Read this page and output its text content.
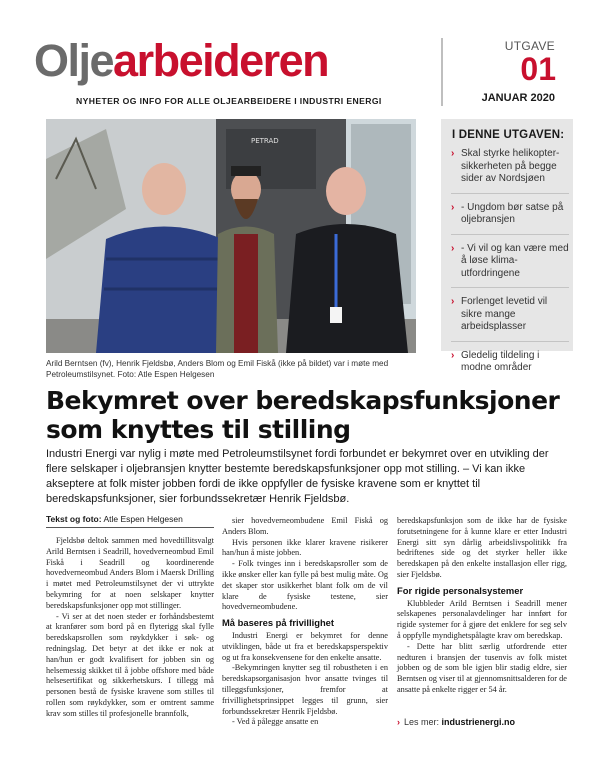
Oljearbeideren
NYHETER OG INFO FOR ALLE OLJEARBEIDERE I INDUSTRI ENERGI
UTGAVE
01
JANUAR 2020
PETRAD
Arild Berntsen (fv), Henrik Fjeldsbø, Anders Blom og Emil Fiskå (ikke på bildet) var i møte med Petroleumstilsynet. Foto: Atle Espen Helgesen
I DENNE UTGAVEN:
› Skal styrke helikoptersikkerheten på begge sider av Nordsjøen
› - Ungdom bør satse på oljebransjen
› - Vi vil og kan være med å løse klimautfordringene
› Forlenget levetid vil sikre mange arbeidsplasser
› Gledelig tildeling i modne områder
Bekymret over beredskapsfunksjoner som knyttes til stilling
Industri Energi var nylig i møte med Petroleumstilsynet fordi forbundet er bekymret over en utvikling der flere selskaper i oljebransjen knytter bestemte beredskapsfunksjoner opp mot stilling. – Vi kan ikke akseptere at folk mister jobben fordi de ikke oppfyller de fysiske kravene som er knyttet til beredskapsfunksjoner, sier forbundssekretær Henrik Fjeldsbø.
Tekst og foto: Atle Espen Helgesen

Fjeldsbø deltok sammen med hovedtillitsvalgt Arild Berntsen i Seadrill, hovedverneombud Emil Fiskå i Seadrill og koordinerende hovedverneombud Anders Blom i Maersk Drilling i møtet med Petroleumstilsynet der vi uttrykte bekymring for at noen selskaper knytter beredskapsfunksjoner opp mot stillinger.

- Vi ser at det noen steder er forhåndsbestemt at kranfører som bord på en flyterigg skal fylle beredskapsrollen som røykdykker i søk- og redningslag. Det betyr at det ikke er nok at han/hun er godt kvalifisert for jobben sin og helsemessig skikket til å jobbe offshore med både helsesertifikat og sikkerhetskurs. I tillegg må personen bestå de fysiske kravene som stilles til rollen som røykdykker, som er omtrent samme krav som stilles til profesjonelle brannfolk,

sier hovedverneombudene Emil Fiskå og Anders Blom.

Hvis personen ikke klarer kravene risikerer han/hun å miste jobben.

- Folk tvinges inn i beredskapsroller som de ikke ønsker eller kan fylle på best mulig måte. Og det skaper stor usikkerhet blant folk om de vil klare de fysiske testene, sier hovedverneombudene.

Må baseres på frivillighet

Industri Energi er bekymret for denne utviklingen, både ut fra et beredskapsperspektiv og ut fra konsekvensene for den enkelte ansatte.

-Bekymringen knytter seg til robustheten i en beredskapsorganisasjon hvor ansatte tvinges til tilleggsfunksjoner, fremfor at frivillighetsprinsippet legges til grunn, sier forbundssekretær Henrik Fjeldsbø.

- Ved å pålegge ansatte en

beredskapsfunksjon som de ikke har de fysiske forutsetningene for å kunne klare er etter Industri Energi sitt syn dårlig arbeidslivspolitikk fra bedriftenes side og det styrker heller ikke beredskapen på den enkelte installasjon eller rigg, sier Fjeldsbø.

For rigide personalsystemer

Klubbleder Arild Berntsen i Seadrill mener selskapenes personalavdelinger har innført for rigide systemer for å gjøre det enklere for seg selv å oppfylle myndighetspålagte krav om beredskap.

- Dette har blitt særlig utfordrende etter nedturen i bransjen der tusenvis av folk mistet jobben og de som ble igjen blir stadig eldre, sier Berntsen og viser til at gjennomsnittsalderen for de ansatte på enkelte rigger er 54 år.

› Les mer: industrienergi.no
